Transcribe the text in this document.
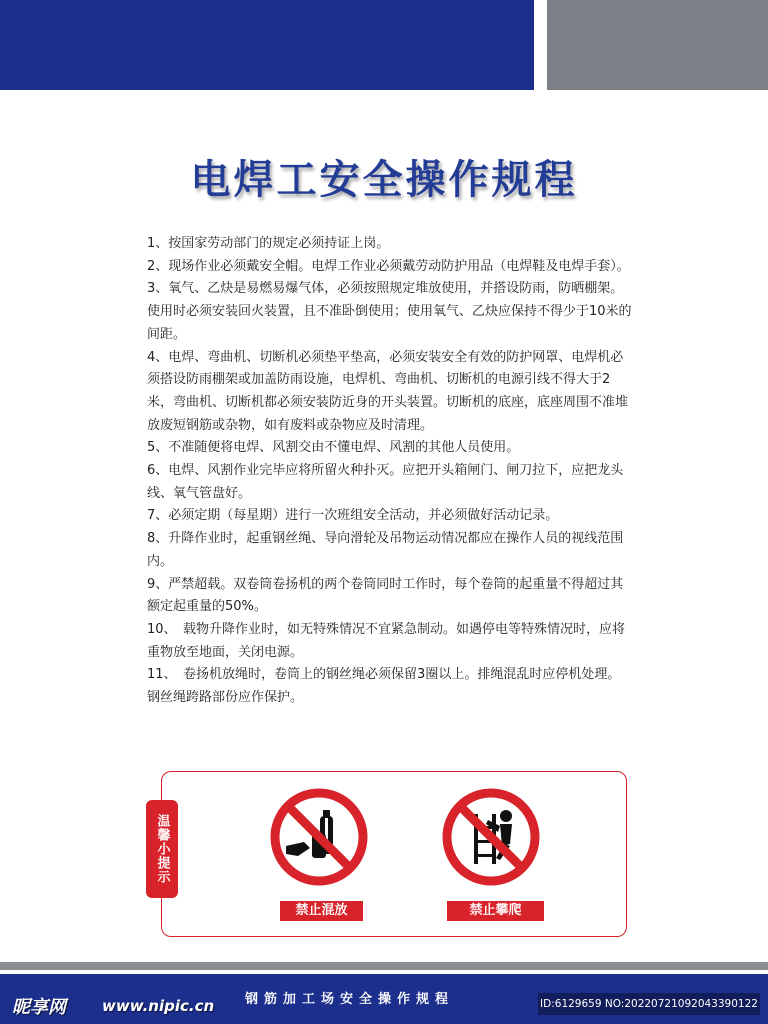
电焊工安全操作规程

1、按国家劳动部门的规定必须持证上岗。

2、现场作业必须戴安全帽。电焊工作业必须戴劳动防护用品（电焊鞋及电焊手套）。

3、氧气、乙炔是易燃易爆气体，必须按照规定堆放使用，并搭设防雨，防晒棚架。使用时必须安装回火装置，且不准卧倒使用；使用氧气、乙炔应保持不得少于10米的间距。

4、电焊、弯曲机、切断机必须垫平垫高，必须安装安全有效的防护网罩、电焊机必须搭设防雨棚架或加盖防雨设施，电焊机、弯曲机、切断机的电源引线不得大于2米，弯曲机、切断机都必须安装防近身的开头装置。切断机的底座，底座周围不准堆放废短钢筋或杂物，如有废料或杂物应及时清理。

5、不准随便将电焊、风割交由不懂电焊、风割的其他人员使用。

6、电焊、风割作业完毕应将所留火种扑灭。应把开头箱闸门、闸刀拉下，应把龙头线、氧气管盘好。

7、必须定期（每星期）进行一次班组安全活动，并必须做好活动记录。

8、升降作业时，起重钢丝绳、导向滑轮及吊物运动情况都应在操作人员的视线范围内。

9、严禁超载。双卷筒卷扬机的两个卷筒同时工作时，每个卷筒的起重量不得超过其额定起重量的50%。

10、　载物升降作业时，如无特殊情况不宜紧急制动。如遇停电等特殊情况时，应将重物放至地面，关闭电源。

11、　卷扬机放绳时，卷筒上的钢丝绳必须保留3圈以上。排绳混乱时应停机处理。钢丝绳跨路部份应作保护。

温馨小提示
禁止混放	禁止攀爬
钢筋加工场安全操作规程
昵享网 www.nipic.cn	ID:6129659 NO:20220721092043390122
